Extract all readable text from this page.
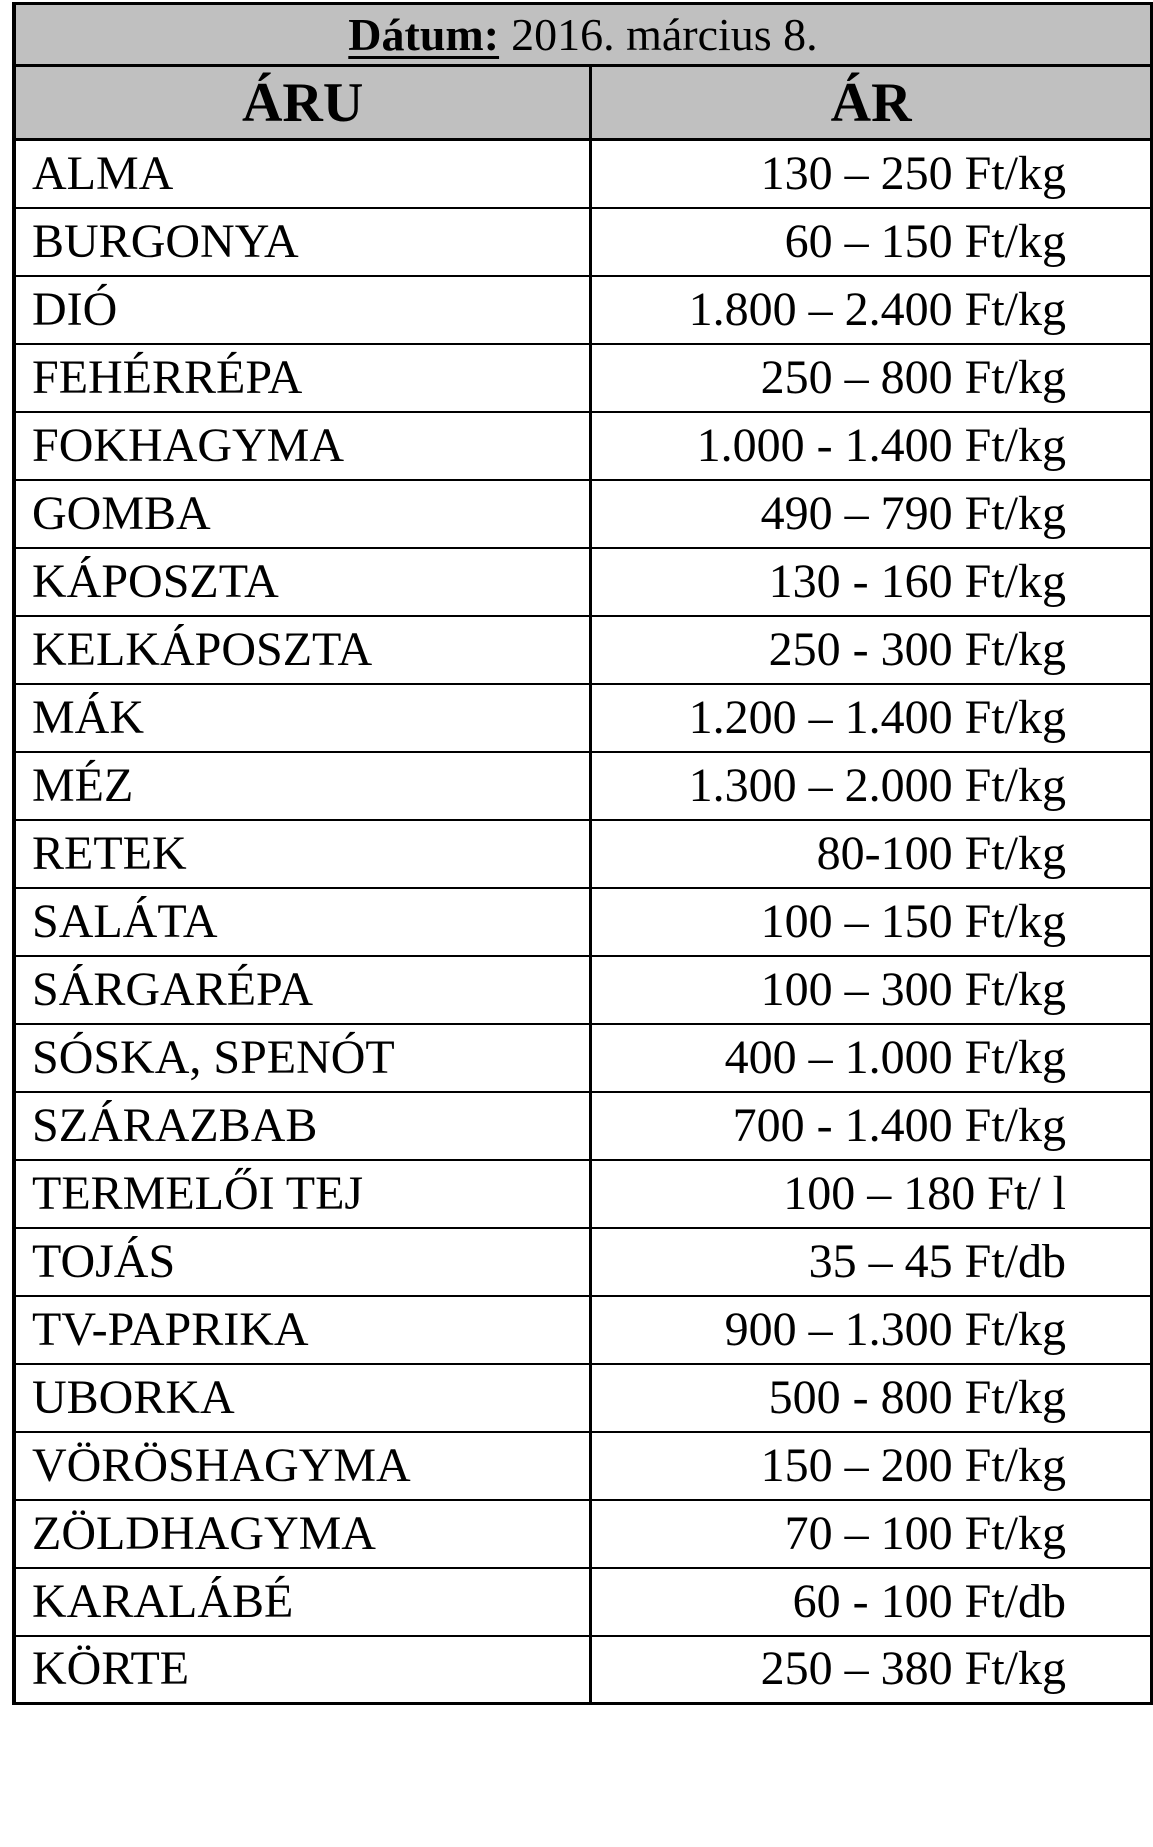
Dátum: 2016. március 8.	
ÁRU	ÁR
ALMA	130 – 250 Ft/kg
BURGONYA	60 – 150 Ft/kg
DIÓ	1.800 – 2.400 Ft/kg
FEHÉRRÉPA	250 – 800 Ft/kg
FOKHAGYMA	1.000 - 1.400 Ft/kg
GOMBA	490 – 790 Ft/kg
KÁPOSZTA	130 - 160 Ft/kg
KELKÁPOSZTA	250 - 300 Ft/kg
MÁK	1.200 – 1.400 Ft/kg
MÉZ	1.300 – 2.000 Ft/kg
RETEK	80-100 Ft/kg
SALÁTA	100 – 150 Ft/kg
SÁRGARÉPA	100 – 300 Ft/kg
SÓSKA, SPENÓT	400 – 1.000 Ft/kg
SZÁRAZBAB	700 - 1.400 Ft/kg
TERMELŐI TEJ	100 – 180 Ft/ l
TOJÁS	35 – 45 Ft/db
TV-PAPRIKA	900 – 1.300 Ft/kg
UBORKA	500 - 800 Ft/kg
VÖRÖSHAGYMA	150 – 200 Ft/kg
ZÖLDHAGYMA	70 – 100 Ft/kg
KARALÁBÉ	60 - 100 Ft/db
KÖRTE	250 – 380 Ft/kg
